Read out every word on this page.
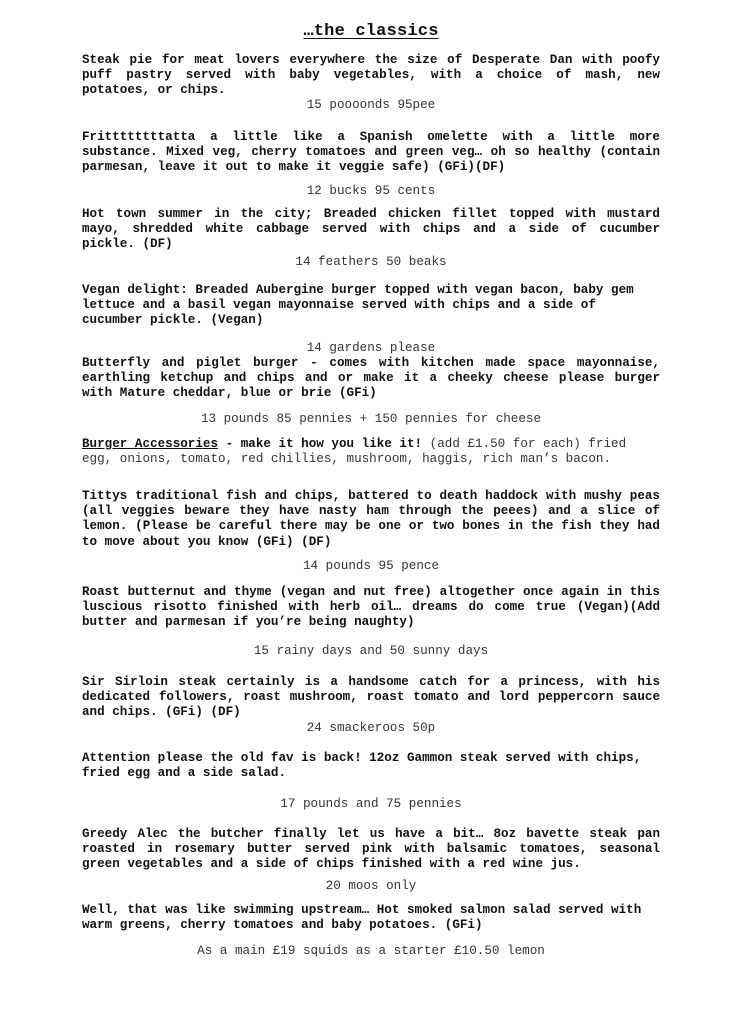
…the classics

Steak pie for meat lovers everywhere the size of Desperate Dan with poofy puff pastry served with baby vegetables, with a choice of mash, new potatoes, or chips.

15 poooonds 95pee

Frittttttttatta a little like a Spanish omelette with a little more substance. Mixed veg, cherry tomatoes and green veg… oh so healthy (contain parmesan, leave it out to make it veggie safe) (GFi)(DF)

12 bucks 95 cents

Hot town summer in the city; Breaded chicken fillet topped with mustard mayo, shredded white cabbage served with chips and a side of cucumber pickle. (DF)

14 feathers 50 beaks

Vegan delight: Breaded Aubergine burger topped with vegan bacon, baby gem lettuce and a basil vegan mayonnaise served with chips and a side of cucumber pickle. (Vegan)

14 gardens please

Butterfly and piglet burger - comes with kitchen made space mayonnaise, earthling ketchup and chips and or make it a cheeky cheese please burger with Mature cheddar, blue or brie (GFi)

13 pounds 85 pennies + 150 pennies for cheese

Burger Accessories - make it how you like it! (add £1.50 for each) fried egg, onions, tomato, red chillies, mushroom, haggis, rich man’s bacon.

Tittys traditional fish and chips, battered to death haddock with mushy peas (all veggies beware they have nasty ham through the peees) and a slice of lemon. (Please be careful there may be one or two bones in the fish they had to move about you know (GFi) (DF)

14 pounds 95 pence

Roast butternut and thyme (vegan and nut free) altogether once again in this luscious risotto finished with herb oil… dreams do come true (Vegan)(Add butter and parmesan if you’re being naughty)

15 rainy days and 50 sunny days

Sir Sirloin steak certainly is a handsome catch for a princess, with his dedicated followers, roast mushroom, roast tomato and lord peppercorn sauce and chips. (GFi) (DF)

24 smackeroos 50p

Attention please the old fav is back! 12oz Gammon steak served with chips, fried egg and a side salad.

17 pounds and 75 pennies

Greedy Alec the butcher finally let us have a bit… 8oz bavette steak pan roasted in rosemary butter served pink with balsamic tomatoes, seasonal green vegetables and a side of chips finished with a red wine jus.

20 moos only

Well, that was like swimming upstream… Hot smoked salmon salad served with warm greens, cherry tomatoes and baby potatoes. (GFi)

As a main £19 squids as a starter £10.50 lemon
